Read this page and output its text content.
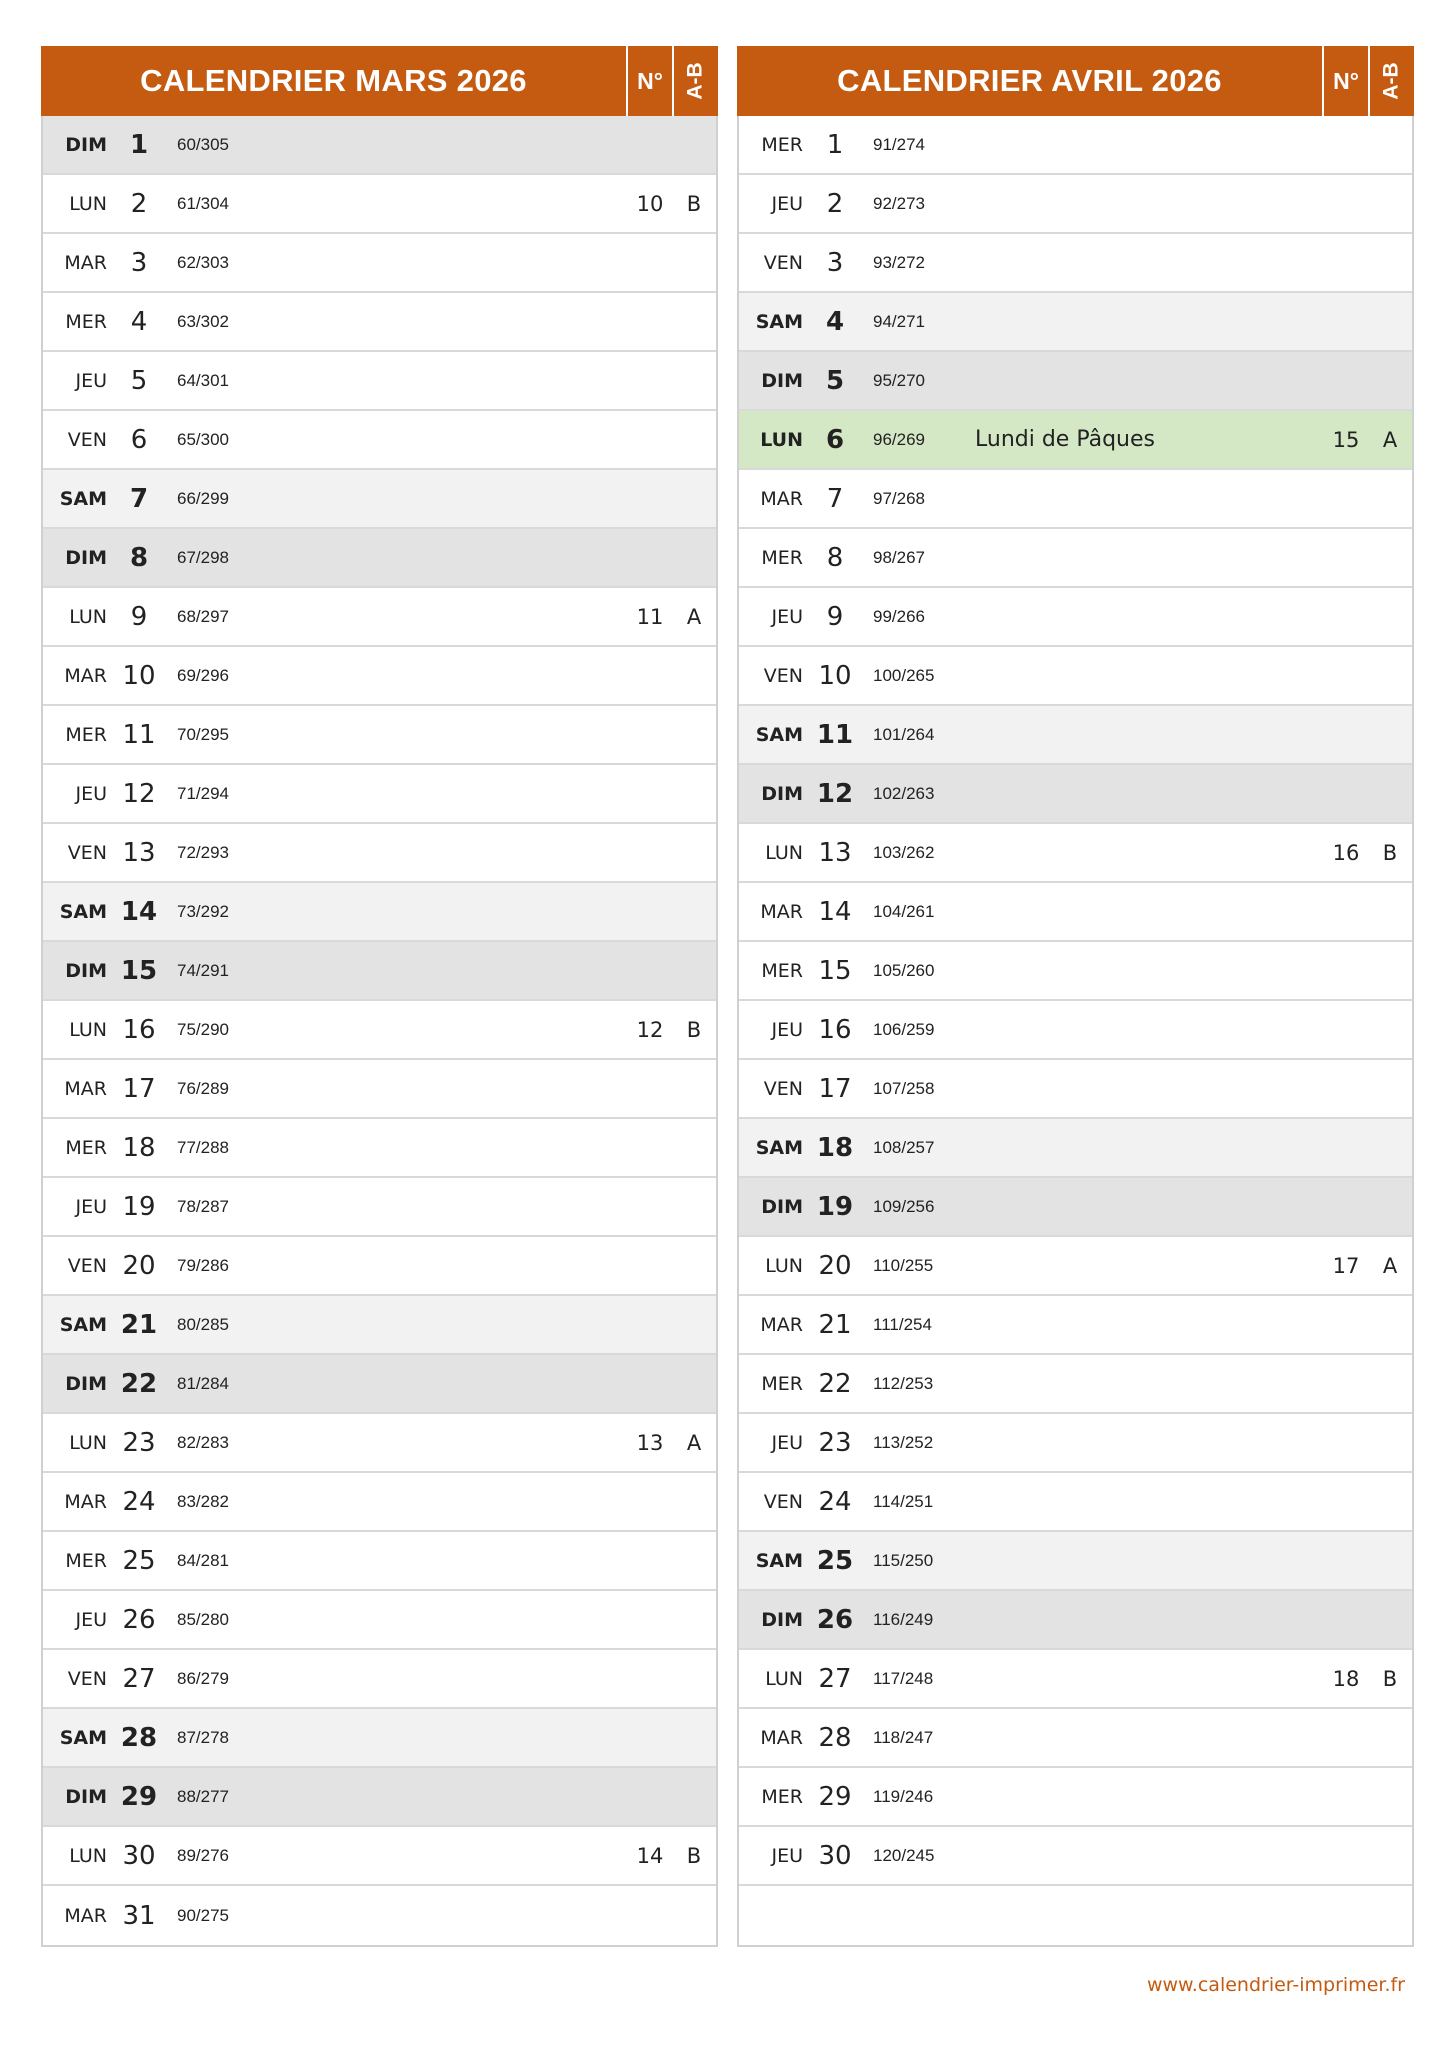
CALENDRIER MARS 2026	N°	A-B
DIM 1	60/305
LUN 2	61/304	10	B
MAR 3	62/303
MER 4	63/302
JEU 5	64/301
VEN 6	65/300
SAM 7	66/299
DIM 8	67/298
LUN 9	68/297	11	A
MAR 10	69/296
MER 11	70/295
JEU 12	71/294
VEN 13	72/293
SAM 14	73/292
DIM 15	74/291
LUN 16	75/290	12	B
MAR 17	76/289
MER 18	77/288
JEU 19	78/287
VEN 20	79/286
SAM 21	80/285
DIM 22	81/284
LUN 23	82/283	13	A
MAR 24	83/282
MER 25	84/281
JEU 26	85/280
VEN 27	86/279
SAM 28	87/278
DIM 29	88/277
LUN 30	89/276	14	B
MAR 31	90/275
CALENDRIER AVRIL 2026	N°	A-B
MER 1	91/274
JEU 2	92/273
VEN 3	93/272
SAM 4	94/271
DIM 5	95/270
LUN 6	96/269	Lundi de Pâques	15	A
MAR 7	97/268
MER 8	98/267
JEU 9	99/266
VEN 10	100/265
SAM 11	101/264
DIM 12	102/263
LUN 13	103/262	16	B
MAR 14	104/261
MER 15	105/260
JEU 16	106/259
VEN 17	107/258
SAM 18	108/257
DIM 19	109/256
LUN 20	110/255	17	A
MAR 21	111/254
MER 22	112/253
JEU 23	113/252
VEN 24	114/251
SAM 25	115/250
DIM 26	116/249
LUN 27	117/248	18	B
MAR 28	118/247
MER 29	119/246
JEU 30	120/245
www.calendrier-imprimer.fr
